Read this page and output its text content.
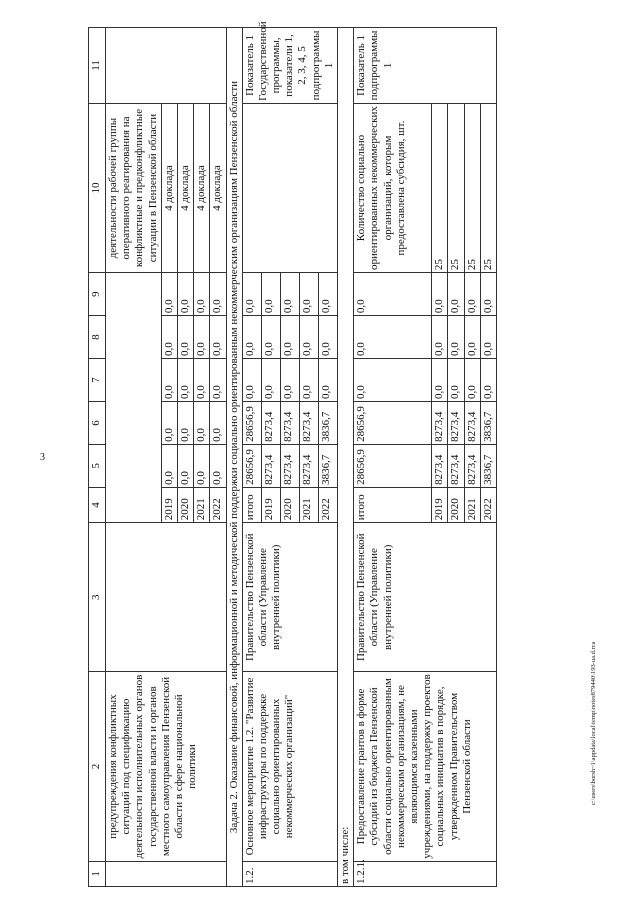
3
c:\users\borsh~1\appdata\local\temp\notes879440\193-ua.d.rca
1	2	3	4	5	6	7	8	9	10	11
	предупреждения конфликтных ситуаций под спецификацию деятельности исполнительных органов государственной власти и органов местного самоуправления Пензенской области в сфере национальной политики								деятельности рабочей группы оперативного реагирования на конфликтные и предконфликтные ситуации в Пензенской области	
			2019	0,0	0,0	0,0	0,0	0,0	4 доклада	
			2020	0,0	0,0	0,0	0,0	0,0	4 доклада	
			2021	0,0	0,0	0,0	0,0	0,0	4 доклада	
			2022	0,0	0,0	0,0	0,0	0,0	4 доклада	
Задача 2. Оказание финансовой, информационной и методической поддержки социально ориентированным некоммерческим организациям Пензенской области										
1.2.	Основное мероприятие 1.2. "Развитие инфраструктуры по поддержке социально ориентированных некоммерческих организаций"	Правительство Пензенской области (Управление внутренней политики)	итого	28656,9	28656,9	0,0	0,0	0,0		Показатель 1 Государственной программы, показатели 1, 2, 3, 4, 5 подпрограммы 1
			2019	8273,4	8273,4	0,0	0,0	0,0		
			2020	8273,4	8273,4	0,0	0,0	0,0		
			2021	8273,4	8273,4	0,0	0,0	0,0		
			2022	3836,7	3836,7	0,0	0,0	0,0		
в том числе:										
1.2.1.	Предоставление грантов в форме субсидий из бюджета Пензенской области социально ориентированным некоммерческим организациям, не являющимся казенными учреждениями, на поддержку проектов социальных инициатив в порядке, утвержденном Правительством Пензенской области	Правительство Пензенской области (Управление внутренней политики)	итого	28656,9	28656,9	0,0	0,0	0,0	Количество социально ориентированных некоммерческих организаций, которым предоставлена субсидия, шт.	Показатель 1 подпрограммы 1
			2019	8273,4	8273,4	0,0	0,0	0,0	25	
			2020	8273,4	8273,4	0,0	0,0	0,0	25	
			2021	8273,4	8273,4	0,0	0,0	0,0	25	
			2022	3836,7	3836,7	0,0	0,0	0,0	25	
